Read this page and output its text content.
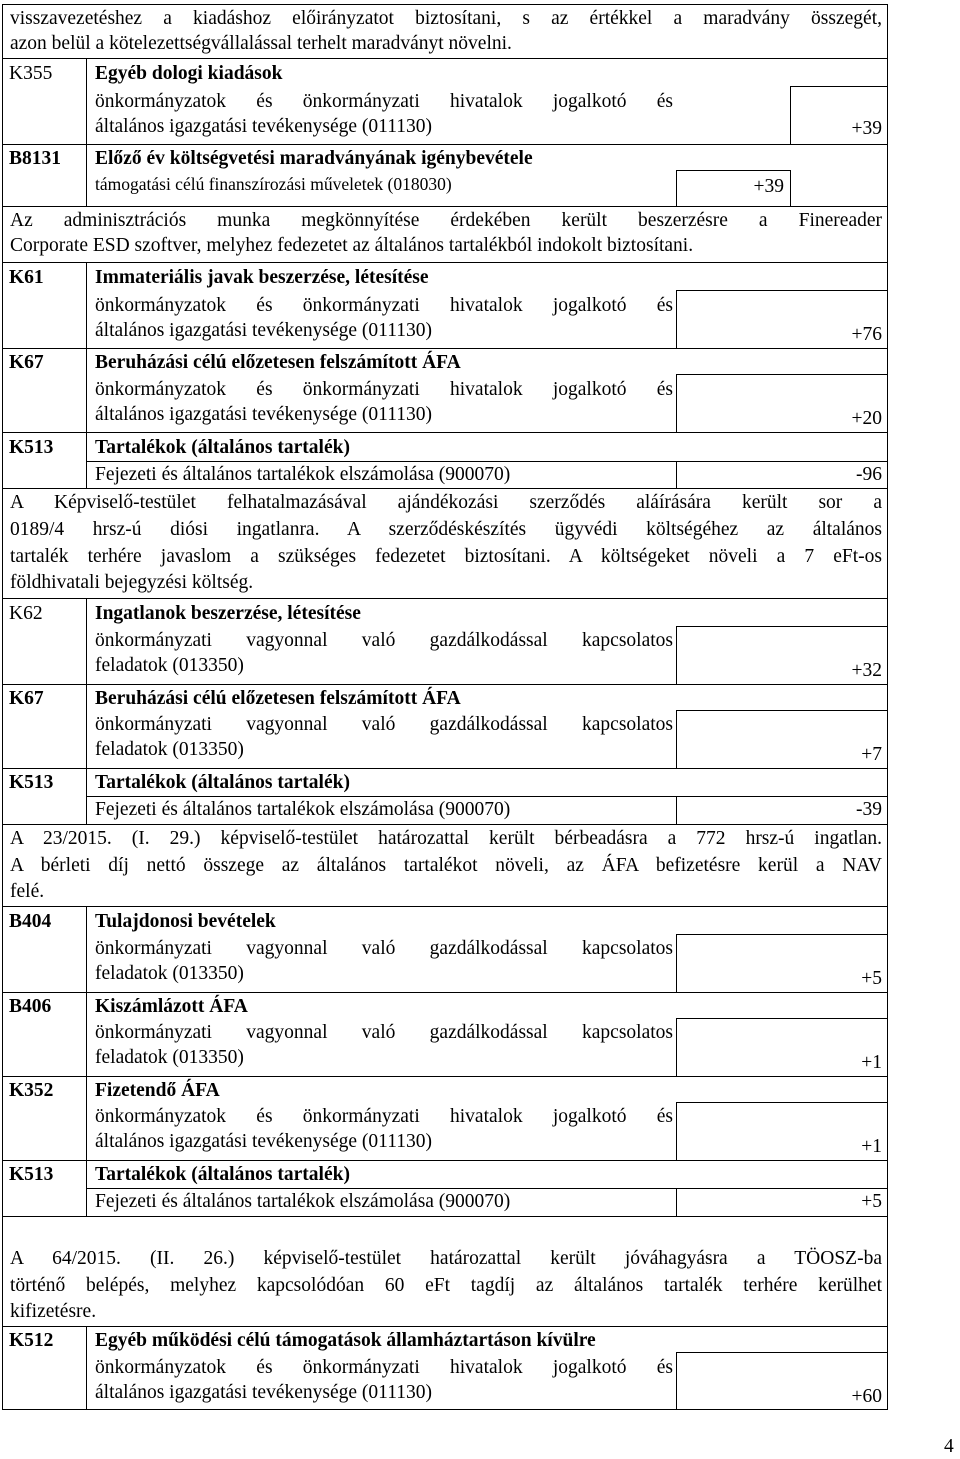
visszavezetéshez a kiadáshoz előirányzatot biztosítani, s az értékkel a maradvány összegét,
azon belül a kötelezettségvállalással terhelt maradványt növelni.
K355 Egyéb dologi kiadások
önkormányzatok és önkormányzati hivatalok jogalkotó és
általános igazgatási tevékenysége (011130)	+39
B8131 Előző év költségvetési maradványának igénybevétele
támogatási célú finanszírozási műveletek (018030)	+39
Az adminisztrációs munka megkönnyítése érdekében került beszerzésre a Finereader
Corporate ESD szoftver, melyhez fedezetet az általános tartalékból indokolt biztosítani.
K61	Immateriális javak beszerzése, létesítése
önkormányzatok és önkormányzati hivatalok jogalkotó és
általános igazgatási tevékenysége (011130)	+76
K67	Beruházási célú előzetesen felszámított ÁFA
önkormányzatok és önkormányzati hivatalok jogalkotó és
általános igazgatási tevékenysége (011130)	+20
K513 Tartalékok (általános tartalék)
Fejezeti és általános tartalékok elszámolása (900070)	-96
A Képviselő-testület felhatalmazásával ajándékozási szerződés aláírására került sor a
0189/4 hrsz-ú diósi ingatlanra. A szerződéskészítés ügyvédi költségéhez az általános
tartalék terhére javaslom a szükséges fedezetet biztosítani. A költségeket növeli a 7 eFt-os
földhivatali bejegyzési költség.
K62	Ingatlanok beszerzése, létesítése
önkormányzati vagyonnal való gazdálkodással kapcsolatos
feladatok (013350)	+32
K67	Beruházási célú előzetesen felszámított ÁFA
önkormányzati vagyonnal való gazdálkodással kapcsolatos
feladatok (013350)	+7
K513 Tartalékok (általános tartalék)
Fejezeti és általános tartalékok elszámolása (900070)	-39
A 23/2015. (I. 29.) képviselő-testület határozattal került bérbeadásra a 772 hrsz-ú ingatlan.
A bérleti díj nettó összege az általános tartalékot növeli, az ÁFA befizetésre kerül a NAV
felé.
B404 Tulajdonosi bevételek
önkormányzati vagyonnal való gazdálkodással kapcsolatos
feladatok (013350)	+5
B406 Kiszámlázott ÁFA
önkormányzati vagyonnal való gazdálkodással kapcsolatos
feladatok (013350)	+1
K352 Fizetendő ÁFA
önkormányzatok és önkormányzati hivatalok jogalkotó és
általános igazgatási tevékenysége (011130)	+1
K513 Tartalékok (általános tartalék)
Fejezeti és általános tartalékok elszámolása (900070)	+5
A 64/2015. (II. 26.) képviselő-testület határozattal került jóváhagyásra a TÖOSZ-ba
történő belépés, melyhez kapcsolódóan 60 eFt tagdíj az általános tartalék terhére kerülhet
kifizetésre.
K512 Egyéb működési célú támogatások államháztartáson kívülre
önkormányzatok és önkormányzati hivatalok jogalkotó és
általános igazgatási tevékenysége (011130)	+60
4
